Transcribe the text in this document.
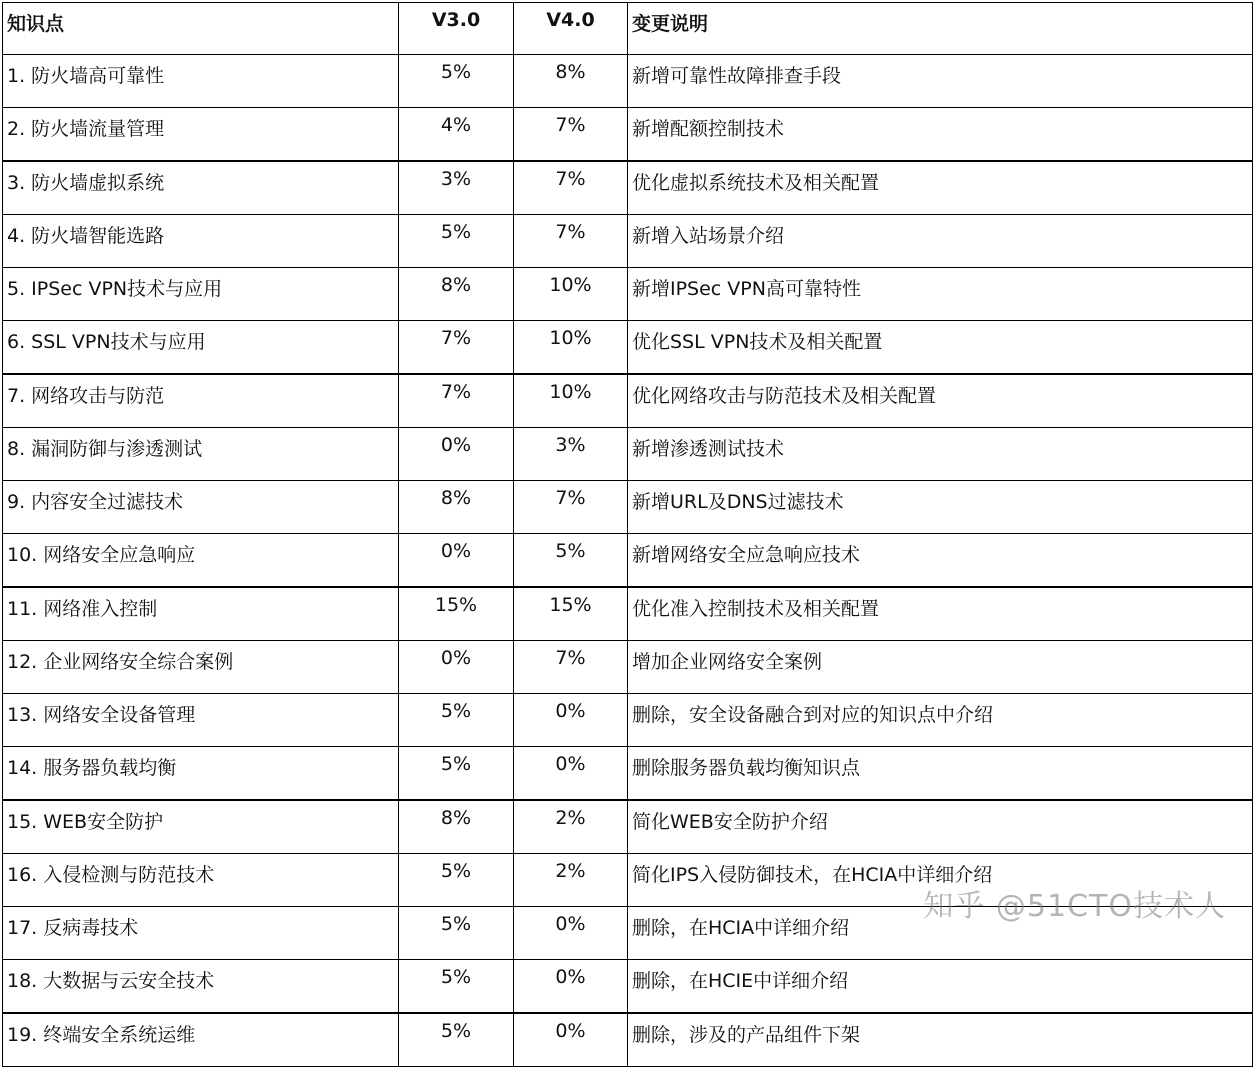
知识点	V3.0	V4.0	变更说明
1. 防火墙高可靠性	5%	8%	新增可靠性故障排查手段
2. 防火墙流量管理	4%	7%	新增配额控制技术
3. 防火墙虚拟系统	3%	7%	优化虚拟系统技术及相关配置
4. 防火墙智能选路	5%	7%	新增入站场景介绍
5. IPSec VPN技术与应用	8%	10%	新增IPSec VPN高可靠特性
6. SSL VPN技术与应用	7%	10%	优化SSL VPN技术及相关配置
7. 网络攻击与防范	7%	10%	优化网络攻击与防范技术及相关配置
8. 漏洞防御与渗透测试	0%	3%	新增渗透测试技术
9. 内容安全过滤技术	8%	7%	新增URL及DNS过滤技术
10. 网络安全应急响应	0%	5%	新增网络安全应急响应技术
11. 网络准入控制	15%	15%	优化准入控制技术及相关配置
12. 企业网络安全综合案例	0%	7%	增加企业网络安全案例
13. 网络安全设备管理	5%	0%	删除，安全设备融合到对应的知识点中介绍
14. 服务器负载均衡	5%	0%	删除服务器负载均衡知识点
15. WEB安全防护	8%	2%	简化WEB安全防护介绍
16. 入侵检测与防范技术	5%	2%	简化IPS入侵防御技术，在HCIA中详细介绍
17. 反病毒技术	5%	0%	删除，在HCIA中详细介绍
18. 大数据与云安全技术	5%	0%	删除，在HCIE中详细介绍
19. 终端安全系统运维	5%	0%	删除，涉及的产品组件下架
知乎 @51CTO技术人
